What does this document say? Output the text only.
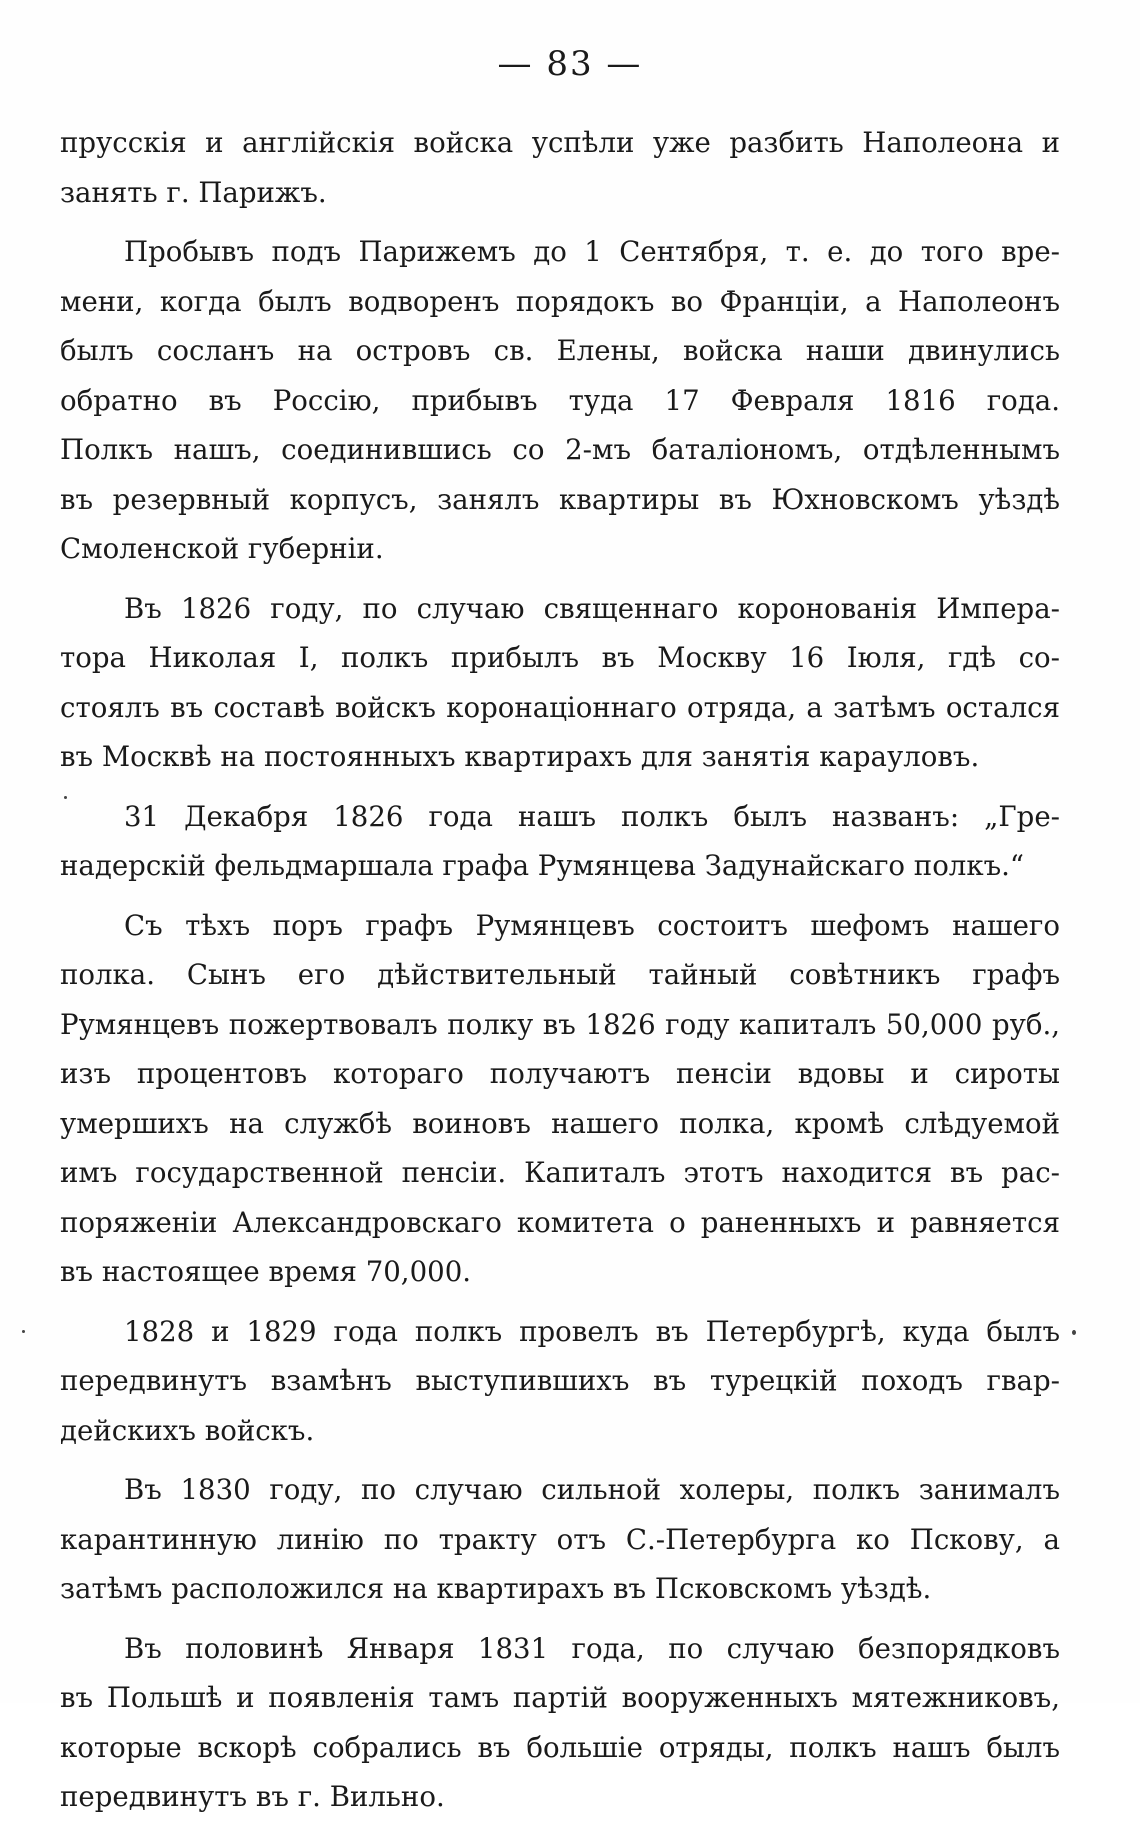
— 83 —
прусскія и англійскія войска успѣли уже разбить Наполеона и
занять г. Парижъ.
Пробывъ подъ Парижемъ до 1 Сентября, т. е. до того вре-
мени, когда былъ водворенъ порядокъ во Франціи, а Наполеонъ
былъ сосланъ на островъ св. Елены, войска наши двинулись
обратно въ Россію, прибывъ туда 17 Февраля 1816 года.
Полкъ нашъ, соединившись со 2-мъ баталіономъ, отдѣленнымъ
въ резервный корпусъ, занялъ квартиры въ Юхновскомъ уѣздѣ
Смоленской губерніи.
Въ 1826 году, по случаю священнаго коронованія Импера-
тора Николая I, полкъ прибылъ въ Москву 16 Іюля, гдѣ со-
стоялъ въ составѣ войскъ коронаціоннаго отряда, а затѣмъ остался
въ Москвѣ на постоянныхъ квартирахъ для занятія карауловъ.
31 Декабря 1826 года нашъ полкъ былъ названъ: „Гре-
надерскій фельдмаршала графа Румянцева Задунайскаго полкъ.“
Съ тѣхъ поръ графъ Румянцевъ состоитъ шефомъ нашего
полка. Сынъ его дѣйствительный тайный совѣтникъ графъ
Румянцевъ пожертвовалъ полку въ 1826 году капиталъ 50,000 руб.,
изъ процентовъ котораго получаютъ пенсіи вдовы и сироты
умершихъ на службѣ воиновъ нашего полка, кромѣ слѣдуемой
имъ государственной пенсіи. Капиталъ этотъ находится въ рас-
поряженіи Александровскаго комитета о раненныхъ и равняется
въ настоящее время 70,000.
1828 и 1829 года полкъ провелъ въ Петербургѣ, куда былъ
передвинутъ взамѣнъ выступившихъ въ турецкій походъ гвар-
дейскихъ войскъ.
Въ 1830 году, по случаю сильной холеры, полкъ занималъ
карантинную линію по тракту отъ С.-Петербурга ко Пскову, а
затѣмъ расположился на квартирахъ въ Псковскомъ уѣздѣ.
Въ половинѣ Января 1831 года, по случаю безпорядковъ
въ Польшѣ и появленія тамъ партій вооруженныхъ мятежниковъ,
которые вскорѣ собрались въ большіе отряды, полкъ нашъ былъ
передвинутъ въ г. Вильно.
